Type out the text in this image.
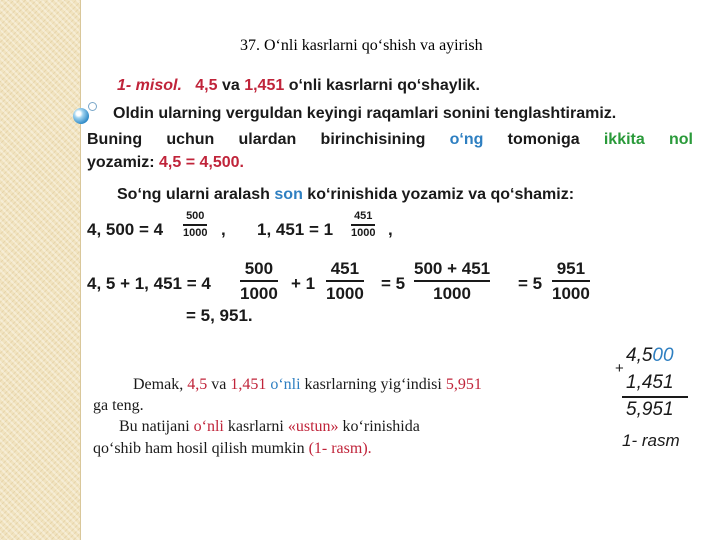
37. O‘nli kasrlarni qo‘shish va ayirish
1- misol. 4,5 va 1,451 o‘nli kasrlarni qo‘shaylik.
Oldin ularning verguldan keyingi raqamlari sonini tenglashtiramiz.
Buning uchun ulardan birinchisining o‘ng tomoniga ikkita nol
yozamiz: 4,5 = 4,500.
So‘ng ularni aralash son ko‘rinishida yozamiz va qo‘shamiz:
4, 500 = 4
500
1000 , 1, 451 = 1
451
1000 ,
4, 5 + 1, 451 = 4
500
1000 + 1
451
1000 = 5
500 + 451
1000	= 5
951
1000
= 5, 951.
Demak, 4,5 va 1,451 o‘nli kasrlarning yig‘indisi 5,951
ga teng.
Bu natijani o‘nli kasrlarni «ustun» ko‘rinishida
qo‘shib ham hosil qilish mumkin (1- rasm).
4,500
+
1,451
5,951
1- rasm
